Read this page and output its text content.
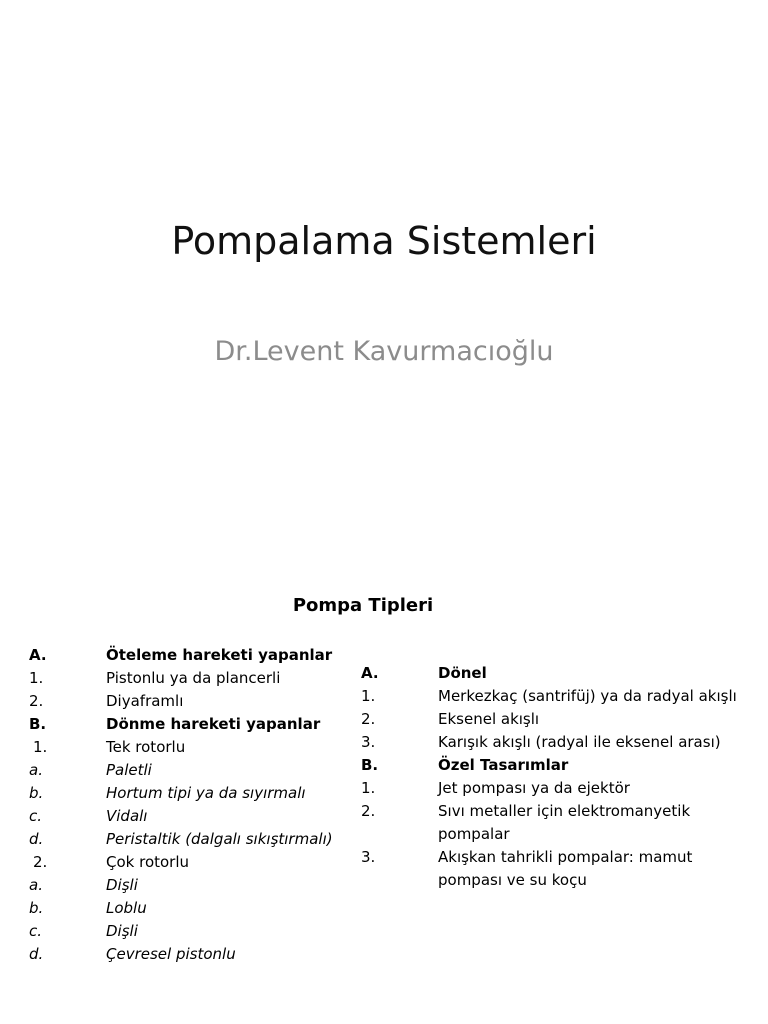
Pompalama Sistemleri
Dr.Levent Kavurmacıoğlu
Pompa Tipleri
A.	Öteleme hareketi yapanlar
1.	Pistonlu ya da plancerli
2.	Diyaframlı
B.	Dönme hareketi yapanlar
1.	Tek rotorlu
a.	Paletli
b.	Hortum tipi ya da sıyırmalı
c.	Vidalı
d.	Peristaltik (dalgalı sıkıştırmalı)
2.	Çok rotorlu
a.	Dişli
b.	Loblu
c.	Dişli
d.	Çevresel pistonlu
A.	Dönel
1.	Merkezkaç (santrifüj) ya da radyal akışlı
2.	Eksenel akışlı
3.	Karışık akışlı (radyal ile eksenel arası)
B.	Özel Tasarımlar
1.	Jet pompası ya da ejektör
2.	Sıvı metaller için elektromanyetik pompalar
3.	Akışkan tahrikli pompalar: mamut pompası ve su koçu
